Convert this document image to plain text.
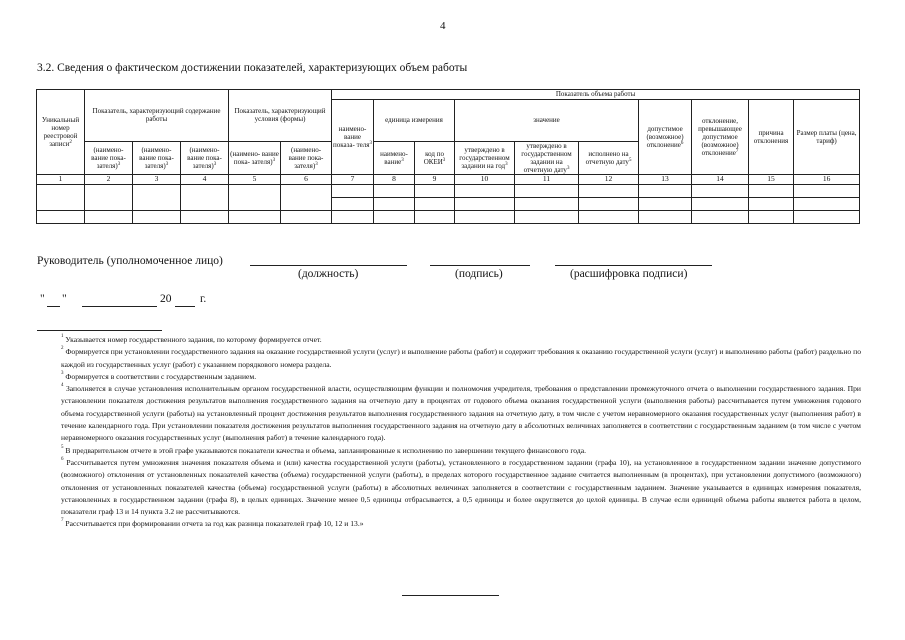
4
3.2. Сведения о фактическом достижении показателей, характеризующих объем работы
Уникальный номер реестровой записи$^2$	Показатель, характеризующий содержание работы			Показатель, характеризующий условия (формы)		Показатель объема работы									
						наимено- вание показа- теля$^3$	единица измерения		значение			допустимое (возможное) отклонение$^6$	отклонение, превышающее допустимое (возможное) отклонение$^7$	причина отклонения	Размер платы (цена, тариф)
	(наимено- вание пока- зателя)$^3$	(наимено- вание пока- зателя)$^3$	(наимено- вание пока- зателя)$^3$	(наимено- вание пока- зателя)$^3$	(наимено- вание пока- зателя)$^3$		наимено- вание$^3$	код по ОКЕИ$^3$	утверждено в государственном задании на год$^3$	утверждено в государственном задании на отчетную дату$^3$	исполнено на отчетную дату$^5$
1	2	3	4	5	6	7	8	9	10	11	12	13	14	15	16

Руководитель (уполномоченное лицо)
(должность)	(подпись)	(расшифровка подписи)
" "	20 г.

$^1$ Указывается номер государственного задания, по которому формируется отчет.

$^2$ Формируется при установлении государственного задания на оказание государственной услуги (услуг) и выполнение работы (работ) и содержит требования к оказанию государственной услуги (услуг) и выполнению работы (работ) раздельно по каждой из государственных услуг (работ) с указанием порядкового номера раздела.

$^3$ Формируется в соответствии с государственным заданием.

$^4$ Заполняется в случае установления исполнительным органом государственной власти, осуществляющим функции и полномочия учредителя, требования о представлении промежуточного отчета о выполнении государственного задания. При установлении показателя достижения результатов выполнения государственного задания на отчетную дату в процентах от годового объема оказания государственной услуги (выполнения работы) рассчитывается путем умножения годового объема государственной услуги (работы) на установленный процент достижения результатов выполнения государственного задания на отчетную дату, в том числе с учетом неравномерного оказания государственных услуг (выполнения работ) в течение календарного года. При установлении показателя достижения результатов выполнения государственного задания на отчетную дату в абсолютных величинах заполняется в соответствии с государственным заданием (в том числе с учетом неравномерного оказания государственных услуг (выполнения работ) в течение календарного года).

$^5$ В предварительном отчете в этой графе указываются показатели качества и объема, запланированные к исполнению по завершении текущего финансового года.

$^6$ Рассчитывается путем умножения значения показателя объема и (или) качества государственной услуги (работы), установленного в государственном задании (графа 10), на установленное в государственном задании значение допустимого (возможного) отклонения от установленных показателей качества (объема) государственной услуги (работы), в пределах которого государственное задание считается выполненным (в процентах), при установлении допустимого (возможного) отклонения от установленных показателей качества (объема) государственной услуги (работы) в абсолютных величинах заполняется в соответствии с государственным заданием. Значение указывается в единицах измерения показателя, установленных в государственном задании (графа 8), в целых единицах. Значение менее 0,5 единицы отбрасывается, а 0,5 единицы и более округляется до целой единицы. В случае если единицей объема работы является работа в целом, показатели граф 13 и 14 пункта 3.2 не рассчитываются.

$^7$ Рассчитывается при формировании отчета за год как разница показателей граф 10, 12 и 13.»
